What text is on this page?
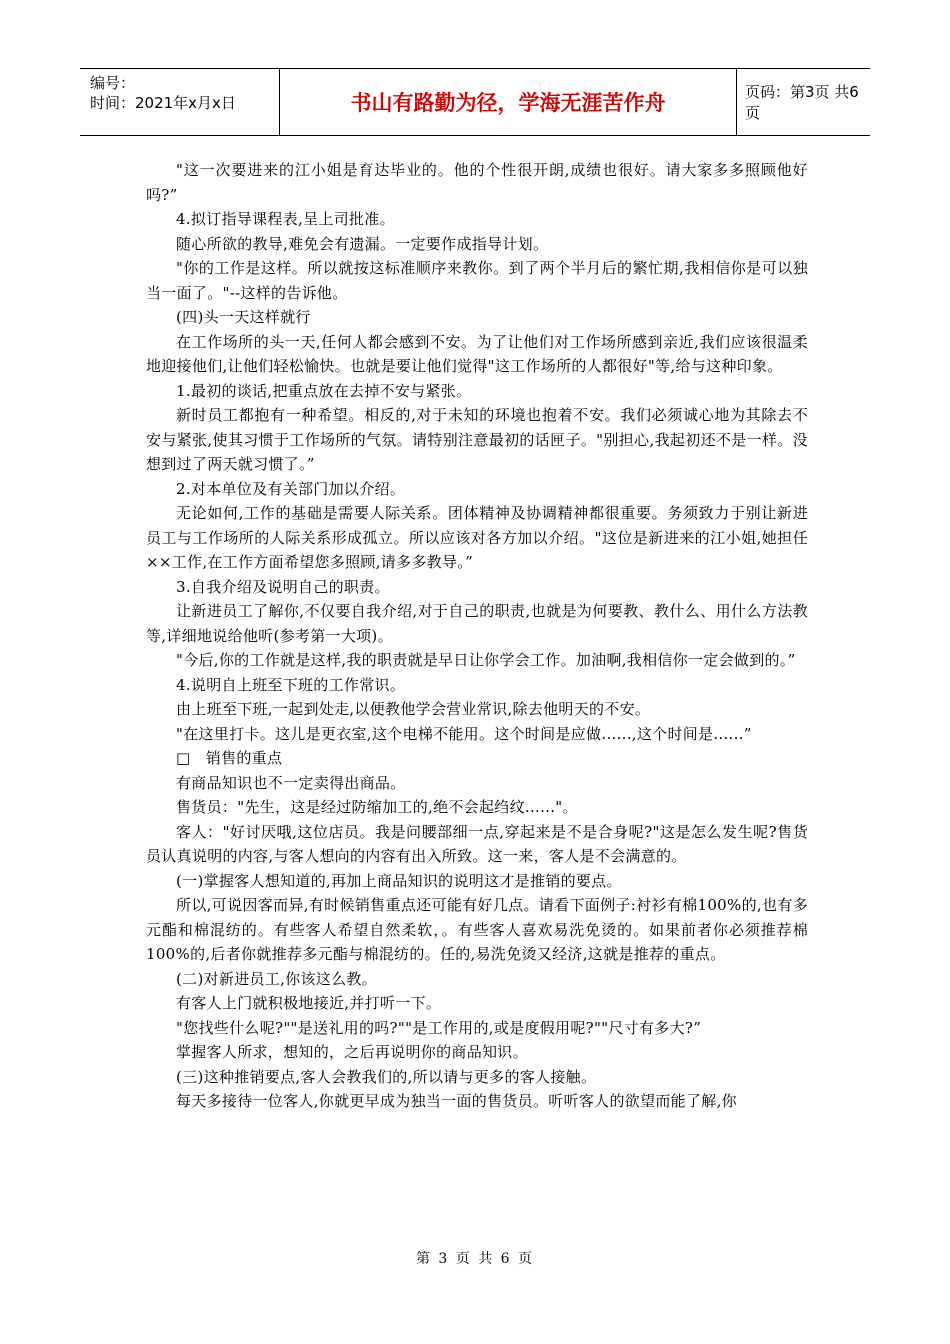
编号：
时间：2021年x月x日	书山有路勤为径，学海无涯苦作舟	页码：第3页 共6页

"这一次要进来的江小姐是育达毕业的。他的个性很开朗,成绩也很好。请大家多多照顾他好吗?”

4.拟订指导课程表,呈上司批准。

随心所欲的教导,难免会有遗漏。一定要作成指导计划。

"你的工作是这样。所以就按这标准顺序来教你。到了两个半月后的繁忙期,我相信你是可以独当一面了。"--这样的告诉他。

(四)头一天这样就行

在工作场所的头一天,任何人都会感到不安。为了让他们对工作场所感到亲近,我们应该很温柔地迎接他们,让他们轻松愉快。也就是要让他们觉得"这工作场所的人都很好"等,给与这种印象。

1.最初的谈话,把重点放在去掉不安与紧张。

新时员工都抱有一种希望。相反的,对于未知的环境也抱着不安。我们必须诚心地为其除去不安与紧张,使其习惯于工作场所的气氛。请特别注意最初的话匣子。"别担心,我起初还不是一样。没想到过了两天就习惯了。”

2.对本单位及有关部门加以介绍。

无论如何,工作的基础是需要人际关系。团体精神及协调精神都很重要。务须致力于别让新进员工与工作场所的人际关系形成孤立。所以应该对各方加以介绍。"这位是新进来的江小姐,她担任××工作,在工作方面希望您多照顾,请多多教导。”

3.自我介绍及说明自己的职责。

让新进员工了解你,不仅要自我介绍,对于自己的职责,也就是为何要教、教什么、用什么方法教等,详细地说给他听(参考第一大项)。

"今后,你的工作就是这样,我的职责就是早日让你学会工作。加油啊,我相信你一定会做到的。”

4.说明自上班至下班的工作常识。

由上班至下班,一起到处走,以便教他学会营业常识,除去他明天的不安。

"在这里打卡。这儿是更衣室,这个电梯不能用。这个时间是应做......,这个时间是......”

□　销售的重点

有商品知识也不一定卖得出商品。

售货员："先生，这是经过防缩加工的,绝不会起绉纹......"。

客人："好讨厌哦,这位店员。我是问腰部细一点,穿起来是不是合身呢?"这是怎么发生呢?售货员认真说明的内容,与客人想向的内容有出入所致。这一来，客人是不会满意的。

(一)掌握客人想知道的,再加上商品知识的说明这才是推销的要点。

所以,可说因客而异,有时候销售重点还可能有好几点。请看下面例子:衬衫有棉100%的,也有多元酯和棉混纺的。有些客人希望自然柔软，。有些客人喜欢易洗免烫的。如果前者你必须推荐棉100%的,后者你就推荐多元酯与棉混纺的。任的,易洗免烫又经济,这就是推荐的重点。

(二)对新进员工,你该这么教。

有客人上门就积极地接近,并打听一下。

"您找些什么呢?""是送礼用的吗?""是工作用的,或是度假用呢?""尺寸有多大?”

掌握客人所求，想知的，之后再说明你的商品知识。

(三)这种推销要点,客人会教我们的,所以请与更多的客人接触。

每天多接待一位客人,你就更早成为独当一面的售货员。听听客人的欲望而能了解,你

第 3 页 共 6 页
